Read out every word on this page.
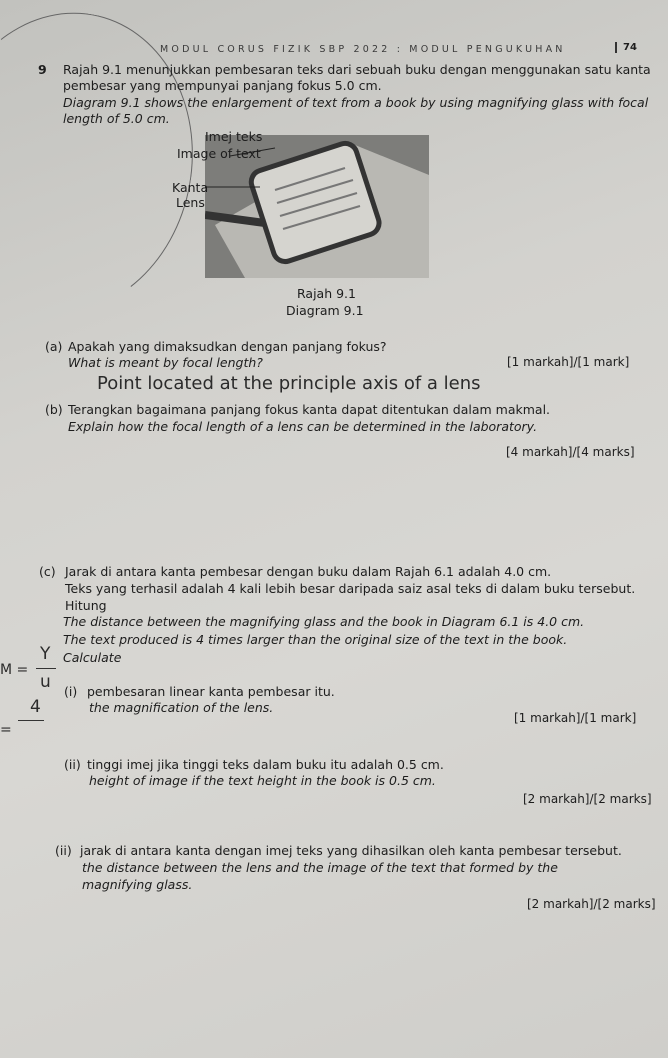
MODUL CORUS FIZIK SBP 2022 : MODUL PENGUKUHAN	74
9 Rajah 9.1 menunjukkan pembesaran teks dari sebuah buku dengan menggunakan satu kanta
pembesar yang mempunyai panjang fokus 5.0 cm.
Diagram 9.1 shows the enlargement of text from a book by using magnifying glass with focal
length of 5.0 cm.
Imej teks
Image of text
Kanta
Lens
Rajah 9.1
Diagram 9.1
(a) Apakah yang dimaksudkan dengan panjang fokus?
What is meant by focal length?	[1 markah]/[1 mark]
Point located at the principle axis of a lens
(b) Terangkan bagaimana panjang fokus kanta dapat ditentukan dalam makmal.
Explain how the focal length of a lens can be determined in the laboratory.
[4 markah]/[4 marks]
(c) Jarak di antara kanta pembesar dengan buku dalam Rajah 6.1 adalah 4.0 cm.
Teks yang terhasil adalah 4 kali lebih besar daripada saiz asal teks di dalam buku tersebut.
Hitung
The distance between the magnifying glass and the book in Diagram 6.1 is 4.0 cm.
The text produced is 4 times larger than the original size of the text in the book.
Calculate
M =
Y
u
=
4
(i) pembesaran linear kanta pembesar itu.
the magnification of the lens.
[1 markah]/[1 mark]
(ii) tinggi imej jika tinggi teks dalam buku itu adalah 0.5 cm.
height of image if the text height in the book is 0.5 cm.
[2 markah]/[2 marks]
(ii) jarak di antara kanta dengan imej teks yang dihasilkan oleh kanta pembesar tersebut.
the distance between the lens and the image of the text that formed by the
magnifying glass.
[2 markah]/[2 marks]
